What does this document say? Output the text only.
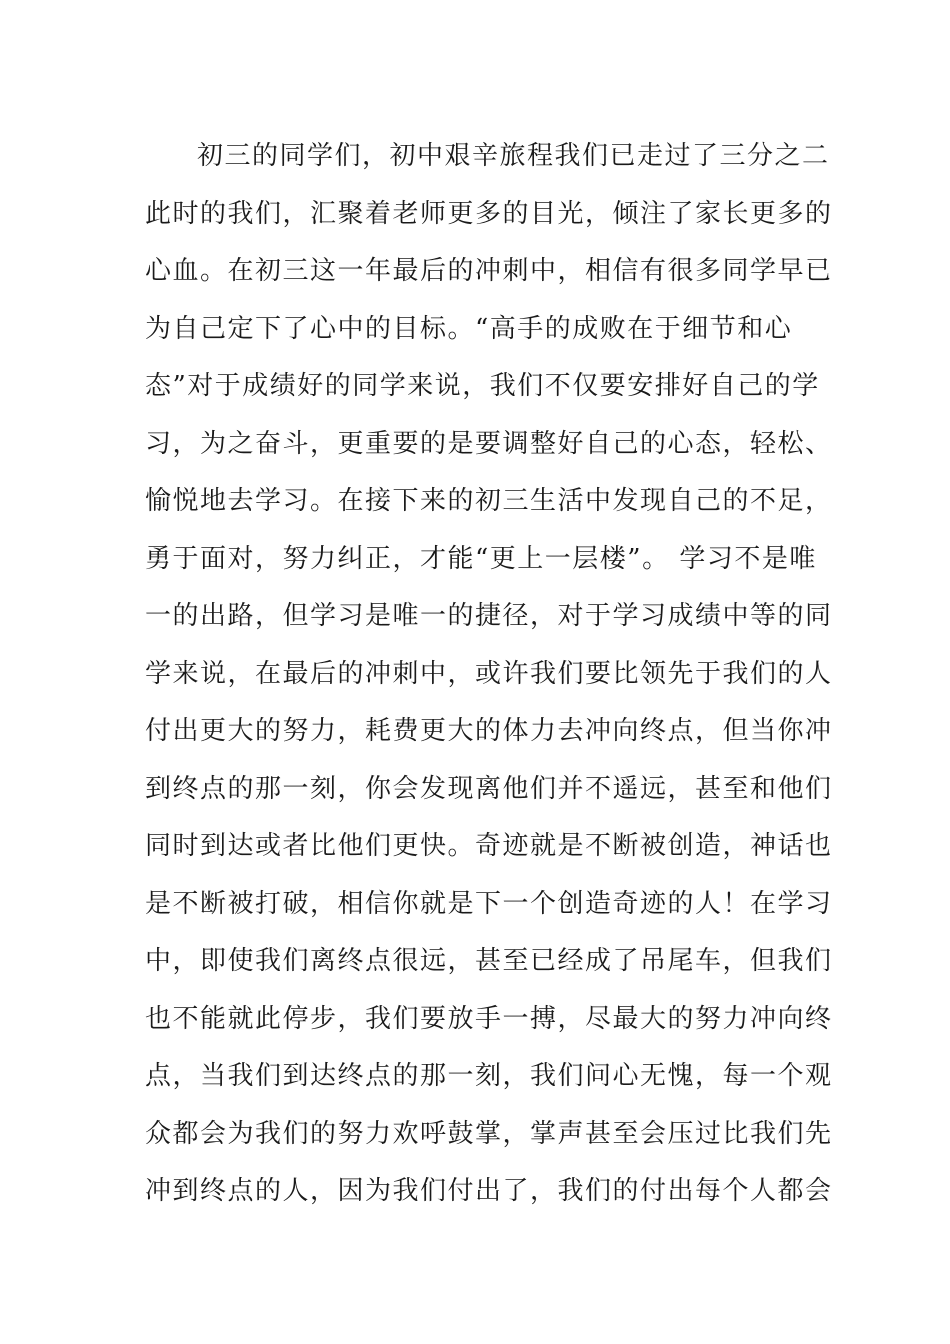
初三的同学们，初中艰辛旅程我们已走过了三分之二
此时的我们，汇聚着老师更多的目光，倾注了家长更多的
心血。在初三这一年最后的冲刺中，相信有很多同学早已
为自己定下了心中的目标。“高手的成败在于细节和心
态”对于成绩好的同学来说，我们不仅要安排好自己的学
习，为之奋斗，更重要的是要调整好自己的心态，轻松、
愉悦地去学习。在接下来的初三生活中发现自己的不足，
勇于面对，努力纠正，才能“更上一层楼”。 学习不是唯
一的出路，但学习是唯一的捷径，对于学习成绩中等的同
学来说，在最后的冲刺中，或许我们要比领先于我们的人
付出更大的努力，耗费更大的体力去冲向终点，但当你冲
到终点的那一刻，你会发现离他们并不遥远，甚至和他们
同时到达或者比他们更快。奇迹就是不断被创造，神话也
是不断被打破，相信你就是下一个创造奇迹的人！在学习
中，即使我们离终点很远，甚至已经成了吊尾车，但我们
也不能就此停步，我们要放手一搏，尽最大的努力冲向终
点，当我们到达终点的那一刻，我们问心无愧，每一个观
众都会为我们的努力欢呼鼓掌，掌声甚至会压过比我们先
冲到终点的人，因为我们付出了，我们的付出每个人都会
